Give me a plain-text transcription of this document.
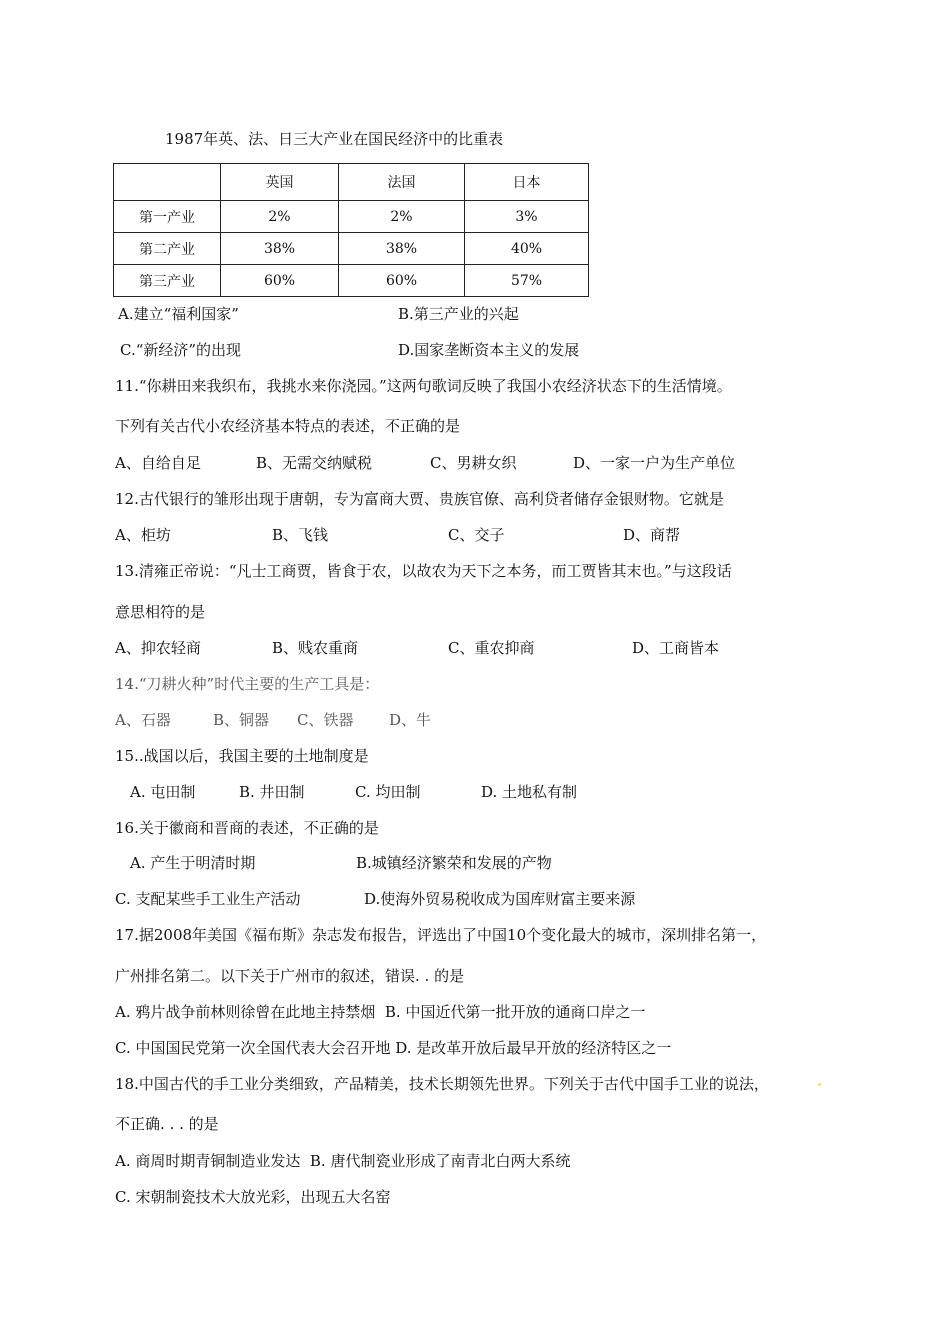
1987年英、法、日三大产业在国民经济中的比重表
	英国	法国	日本
第一产业	2%	2%	3%
第二产业	38%	38%	40%
第三产业	60%	60%	57%
A.建立“福利国家”	B.第三产业的兴起
C.“新经济”的出现	D.国家垄断资本主义的发展
11.“你耕田来我织布，我挑水来你浇园。”这两句歌词反映了我国小农经济状态下的生活情境。
下列有关古代小农经济基本特点的表述，不正确的是
A、自给自足	B、无需交纳赋税	C、男耕女织	D、一家一户为生产单位
12.古代银行的雏形出现于唐朝，专为富商大贾、贵族官僚、高利贷者储存金银财物。它就是
A、柜坊	B、飞钱	C、交子	D、商帮
13.清雍正帝说：“凡士工商贾，皆食于农，以故农为天下之本务，而工贾皆其末也。”与这段话
意思相符的是
A、抑农轻商	B、贱农重商	C、重农抑商	D、工商皆本
14.“刀耕火种”时代主要的生产工具是：
A、石器	B、铜器 C、铁器 D、牛
15..战国以后，我国主要的土地制度是
A. 屯田制	B. 井田制	C. 均田制	D. 土地私有制
16.关于徽商和晋商的表述，不正确的是
A. 产生于明清时期	B.城镇经济繁荣和发展的产物
C. 支配某些手工业生产活动	D.使海外贸易税收成为国库财富主要来源
17.据2008年美国《福布斯》杂志发布报告，评选出了中国10个变化最大的城市，深圳排名第一，
广州排名第二。以下关于广州市的叙述，错误. . 的是
A. 鸦片战争前林则徐曾在此地主持禁烟  B. 中国近代第一批开放的通商口岸之一
C. 中国国民党第一次全国代表大会召开地 D. 是改革开放后最早开放的经济特区之一
18.中国古代的手工业分类细致，产品精美，技术长期领先世界。下列关于古代中国手工业的说法，
不正确. . . 的是
A. 商周时期青铜制造业发达  B. 唐代制瓷业形成了南青北白两大系统
C. 宋朝制瓷技术大放光彩，出现五大名窑
